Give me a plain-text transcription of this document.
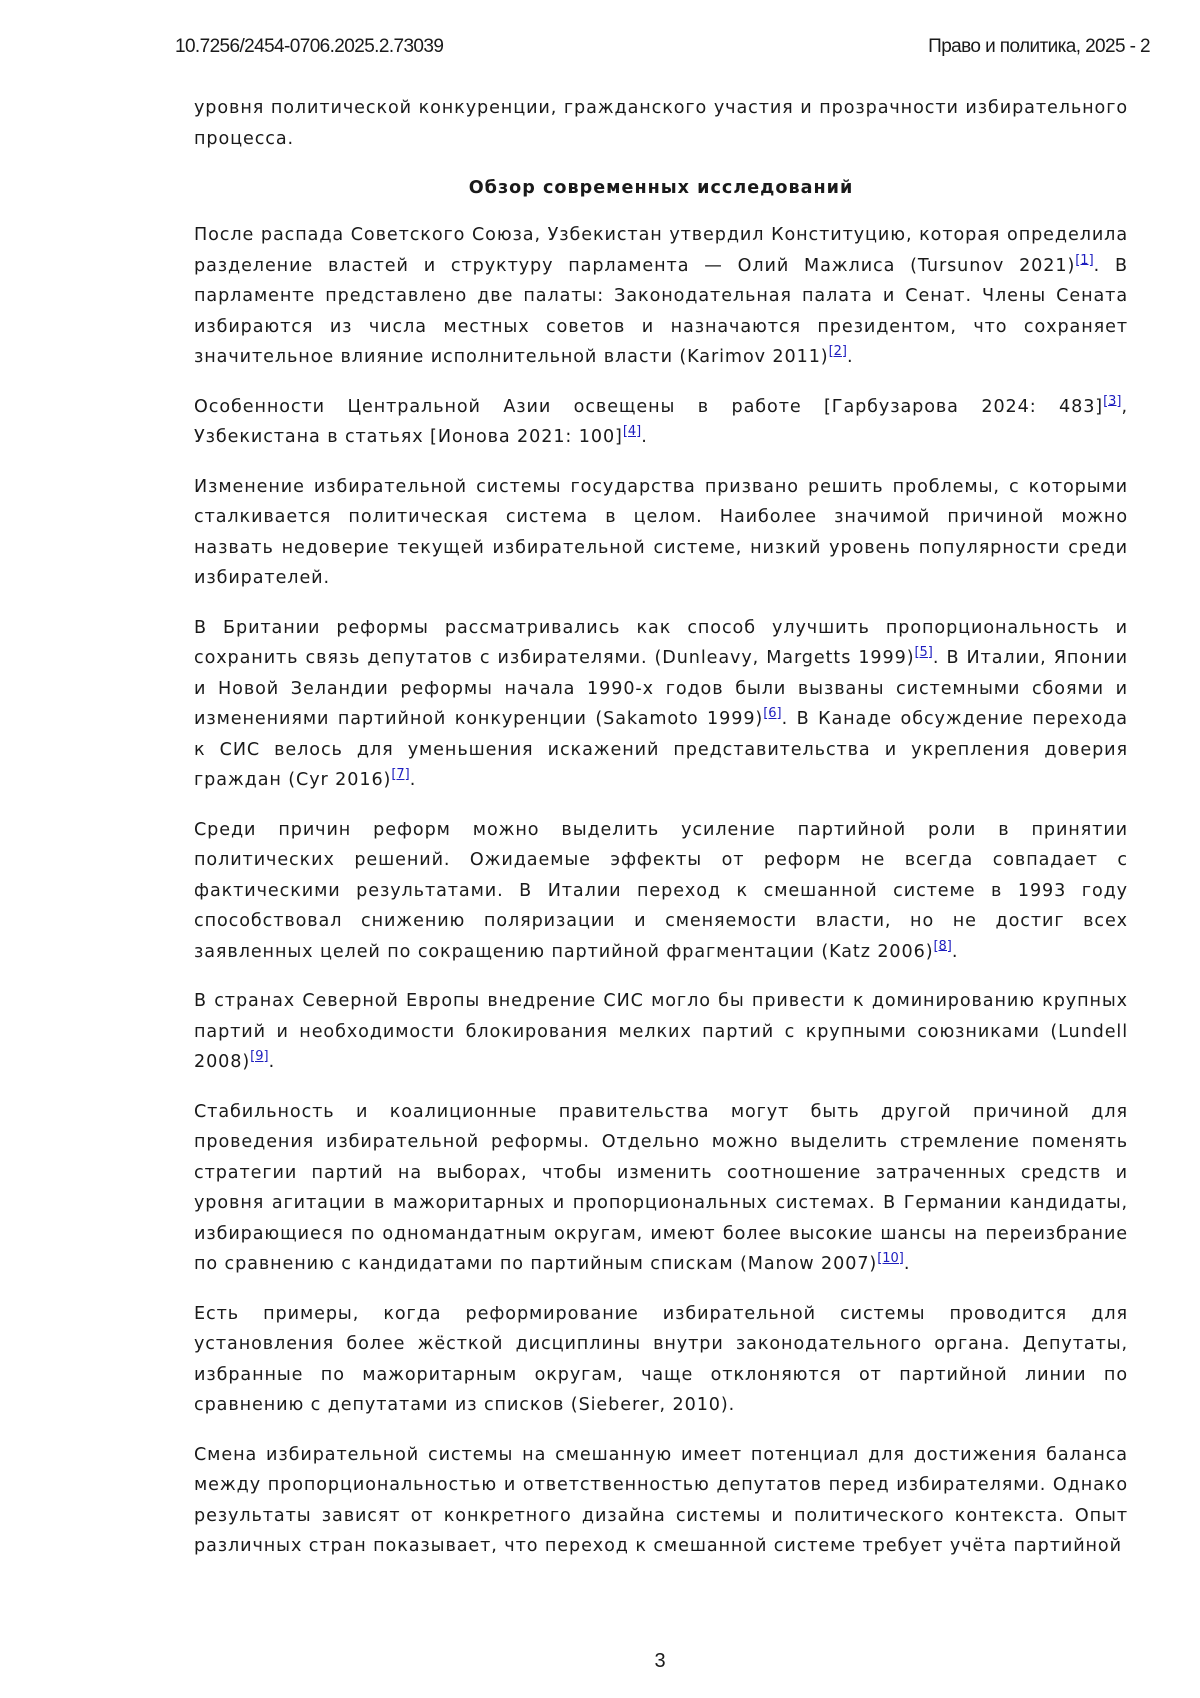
10.7256/2454-0706.2025.2.73039	Право и политика, 2025 - 2

уровня политической конкуренции, гражданского участия и прозрачности избирательного процесса.

Обзор современных исследований

После распада Советского Союза, Узбекистан утвердил Конституцию, которая определила разделение властей и структуру парламента — Олий Мажлиса (Tursunov 2021)[1]. В парламенте представлено две палаты: Законодательная палата и Сенат. Члены Сената избираются из числа местных советов и назначаются президентом, что сохраняет значительное влияние исполнительной власти (Karimov 2011)[2].

Особенности Центральной Азии освещены в работе [Гарбузарова 2024: 483][3], Узбекистана в статьях [Ионова 2021: 100][4].

Изменение избирательной системы государства призвано решить проблемы, с которыми сталкивается политическая система в целом. Наиболее значимой причиной можно назвать недоверие текущей избирательной системе, низкий уровень популярности среди избирателей.

В Британии реформы рассматривались как способ улучшить пропорциональность и сохранить связь депутатов с избирателями. (Dunleavy, Margetts 1999)[5]. В Италии, Японии и Новой Зеландии реформы начала 1990-х годов были вызваны системными сбоями и изменениями партийной конкуренции (Sakamoto 1999)[6]. В Канаде обсуждение перехода к СИС велось для уменьшения искажений представительства и укрепления доверия граждан (Cyr 2016)[7].

Среди причин реформ можно выделить усиление партийной роли в принятии политических решений. Ожидаемые эффекты от реформ не всегда совпадает с фактическими результатами. В Италии переход к смешанной системе в 1993 году способствовал снижению поляризации и сменяемости власти, но не достиг всех заявленных целей по сокращению партийной фрагментации (Katz 2006)[8].

В странах Северной Европы внедрение СИС могло бы привести к доминированию крупных партий и необходимости блокирования мелких партий с крупными союзниками (Lundell 2008)[9].

Стабильность и коалиционные правительства могут быть другой причиной для проведения избирательной реформы. Отдельно можно выделить стремление поменять стратегии партий на выборах, чтобы изменить соотношение затраченных средств и уровня агитации в мажоритарных и пропорциональных системах. В Германии кандидаты, избирающиеся по одномандатным округам, имеют более высокие шансы на переизбрание по сравнению с кандидатами по партийным спискам (Manow 2007)[10].

Есть примеры, когда реформирование избирательной системы проводится для установления более жёсткой дисциплины внутри законодательного органа. Депутаты, избранные по мажоритарным округам, чаще отклоняются от партийной линии по сравнению с депутатами из списков (Sieberer, 2010).

Смена избирательной системы на смешанную имеет потенциал для достижения баланса между пропорциональностью и ответственностью депутатов перед избирателями. Однако результаты зависят от конкретного дизайна системы и политического контекста. Опыт различных стран показывает, что переход к смешанной системе требует учёта партийной

3
